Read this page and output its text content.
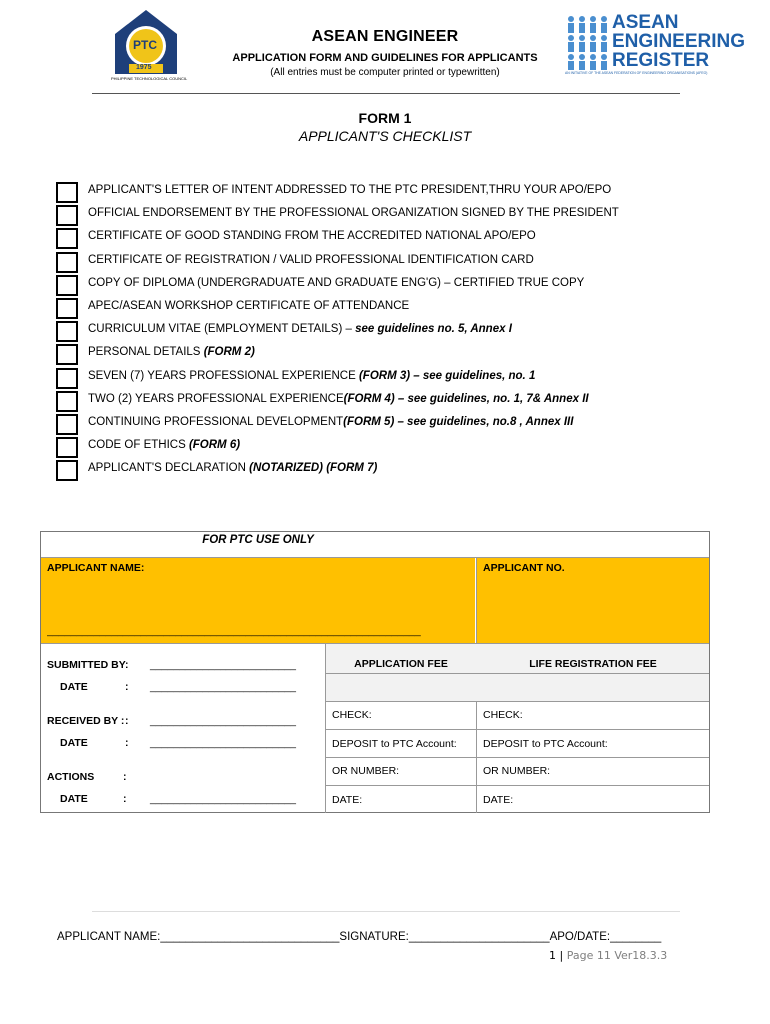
PTC
1975
PHILIPPINE TECHNOLOGICAL COUNCIL
ASEAN
ENGINEERING
REGISTER
AN INITIATIVE OF THE ASEAN FEDERATION OF ENGINEERING ORGANISATIONS (AFEO)
ASEAN ENGINEER
APPLICATION FORM AND GUIDELINES FOR APPLICANTS
(All entries must be computer printed or typewritten)
FORM 1
APPLICANT'S CHECKLIST
APPLICANT'S LETTER OF INTENT ADDRESSED TO THE PTC PRESIDENT,THRU YOUR APO/EPO
OFFICIAL ENDORSEMENT BY THE PROFESSIONAL ORGANIZATION SIGNED BY THE PRESIDENT
CERTIFICATE OF GOOD STANDING FROM THE ACCREDITED NATIONAL APO/EPO
CERTIFICATE OF REGISTRATION / VALID PROFESSIONAL IDENTIFICATION CARD
COPY OF DIPLOMA (UNDERGRADUATE AND GRADUATE ENG'G) – CERTIFIED TRUE COPY
APEC/ASEAN WORKSHOP CERTIFICATE OF ATTENDANCE
CURRICULUM VITAE (EMPLOYMENT DETAILS) – see guidelines no. 5, Annex I
PERSONAL DETAILS (FORM 2)
SEVEN (7) YEARS PROFESSIONAL EXPERIENCE (FORM 3) – see guidelines, no. 1
TWO (2) YEARS PROFESSIONAL EXPERIENCE(FORM 4) – see guidelines, no. 1, 7& Annex II
CONTINUING PROFESSIONAL DEVELOPMENT(FORM 5) – see guidelines, no.8 , Annex III
CODE OF ETHICS (FORM 6)
APPLICANT'S DECLARATION (NOTARIZED) (FORM 7)
FOR PTC USE ONLY
APPLICANT NAME:	APPLICANT NO.
________________________________________________________________
APPLICATION FEE	LIFE REGISTRATION FEE
CHECK:	CHECK:
DEPOSIT to PTC Account:	DEPOSIT to PTC Account:
OR NUMBER:	OR NUMBER:
DATE:	DATE:
SUBMITTED BY: _________________________
DATE	: _________________________
RECEIVED BY : : _________________________
DATE	: _________________________
ACTIONS	:
DATE	: _________________________
APPLICANT NAME:____________________________SIGNATURE:______________________APO/DATE:________
1 | Page 11 Ver18.3.3
